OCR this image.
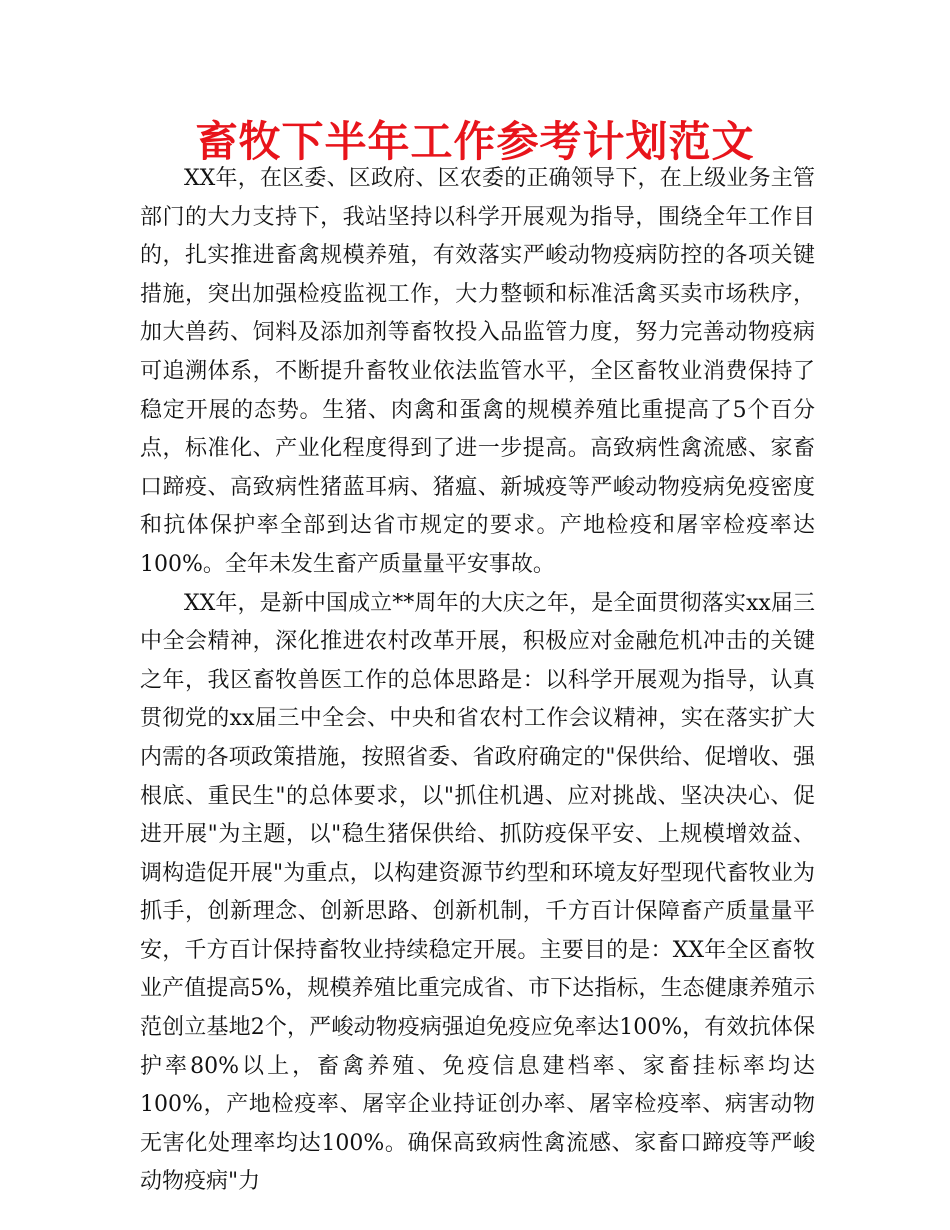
畜牧下半年工作参考计划范文

XX年，在区委、区政府、区农委的正确领导下，在上级业务主管部门的大力支持下，我站坚持以科学开展观为指导，围绕全年工作目的，扎实推进畜禽规模养殖，有效落实严峻动物疫病防控的各项关键措施，突出加强检疫监视工作，大力整顿和标准活禽买卖市场秩序，加大兽药、饲料及添加剂等畜牧投入品监管力度，努力完善动物疫病可追溯体系，不断提升畜牧业依法监管水平，全区畜牧业消费保持了稳定开展的态势。生猪、肉禽和蛋禽的规模养殖比重提高了5个百分点，标准化、产业化程度得到了进一步提高。高致病性禽流感、家畜口蹄疫、高致病性猪蓝耳病、猪瘟、新城疫等严峻动物疫病免疫密度和抗体保护率全部到达省市规定的要求。产地检疫和屠宰检疫率达100%。全年未发生畜产质量量平安事故。

XX年，是新中国成立**周年的大庆之年，是全面贯彻落实xx届三中全会精神，深化推进农村改革开展，积极应对金融危机冲击的关键之年，我区畜牧兽医工作的总体思路是：以科学开展观为指导，认真贯彻党的xx届三中全会、中央和省农村工作会议精神，实在落实扩大内需的各项政策措施，按照省委、省政府确定的"保供给、促增收、强根底、重民生"的总体要求，以"抓住机遇、应对挑战、坚决决心、促进开展"为主题，以"稳生猪保供给、抓防疫保平安、上规模增效益、调构造促开展"为重点，以构建资源节约型和环境友好型现代畜牧业为抓手，创新理念、创新思路、创新机制，千方百计保障畜产质量量平安，千方百计保持畜牧业持续稳定开展。主要目的是：XX年全区畜牧业产值提高5%，规模养殖比重完成省、市下达指标，生态健康养殖示范创立基地2个，严峻动物疫病强迫免疫应免率达100%，有效抗体保护率80%以上，畜禽养殖、免疫信息建档率、家畜挂标率均达100%，产地检疫率、屠宰企业持证创办率、屠宰检疫率、病害动物无害化处理率均达100%。确保高致病性禽流感、家畜口蹄疫等严峻动物疫病"力
